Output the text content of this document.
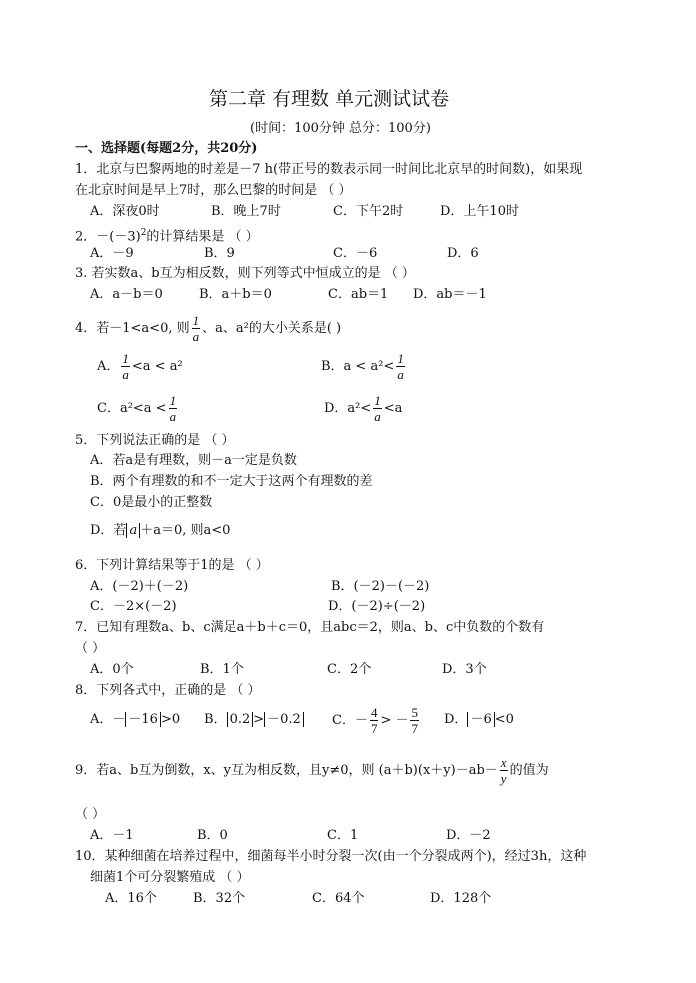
第二章 有理数 单元测试试卷
(时间：100分钟 总分：100分)
一、选择题(每题2分，共20分)
1．北京与巴黎两地的时差是－7 h(带正号的数表示同一时间比北京早的时间数)，如果现
在北京时间是早上7时，那么巴黎的时间是 （ ）
A．深夜0时	B．晚上7时	C．下午2时	D．上午10时
2．$-(-3)^2$的计算结果是 （ ）
A．－9	B．9	C．－6	D．6
3. 若实数a、b互为相反数，则下列等式中恒成立的是 （ ）
A．a－b＝0	B．a＋b＝0	C．ab＝1 D．ab＝－1
4．若－1<a<0, 则 $\frac{1}{a}$ 、a、a²的大小关系是( )
A． $\frac{1}{a} <a < a^2$	B．$a < a^2< \frac{1}{a}$
C．$a^2<a < \frac{1}{a}$	D．$a^2< \frac{1}{a} <a$
5．下列说法正确的是 （ ）
A．若a是有理数，则－a一定是负数
B．两个有理数的和不一定大于这两个有理数的差
C．0是最小的正整数
D．若 a ＋a＝0, 则a<0
6．下列计算结果等于1的是 （ ）
A．(－2)＋(－2)	B．(－2)－(－2)
C．－2×(－2)	D．(－2)÷(－2)
7．已知有理数a、b、c满足a＋b＋c＝0，且abc＝2，则a、b、c中负数的个数有
（ ）
A．0个	B．1个	C．2个	D．3个
8．下列各式中，正确的是 （ ）
A．－ －16 >0 B． 0.2 > －0.2 C．－ $\frac{4}{7}$ > － $\frac{5}{7}$ D． －6 <0
9．若a、b互为倒数，x、y互为相反数，且y≠0，则 $(a+b)(x+y)-ab- \frac{x}{y}$ 的值为
（ ）
A．－1	B．0	C．1	D．－2
10．某种细菌在培养过程中，细菌每半小时分裂一次(由一个分裂成两个)，经过3h，这种
细菌1个可分裂繁殖成 （ ）
A．16个	B．32个	C．64个	D．128个
